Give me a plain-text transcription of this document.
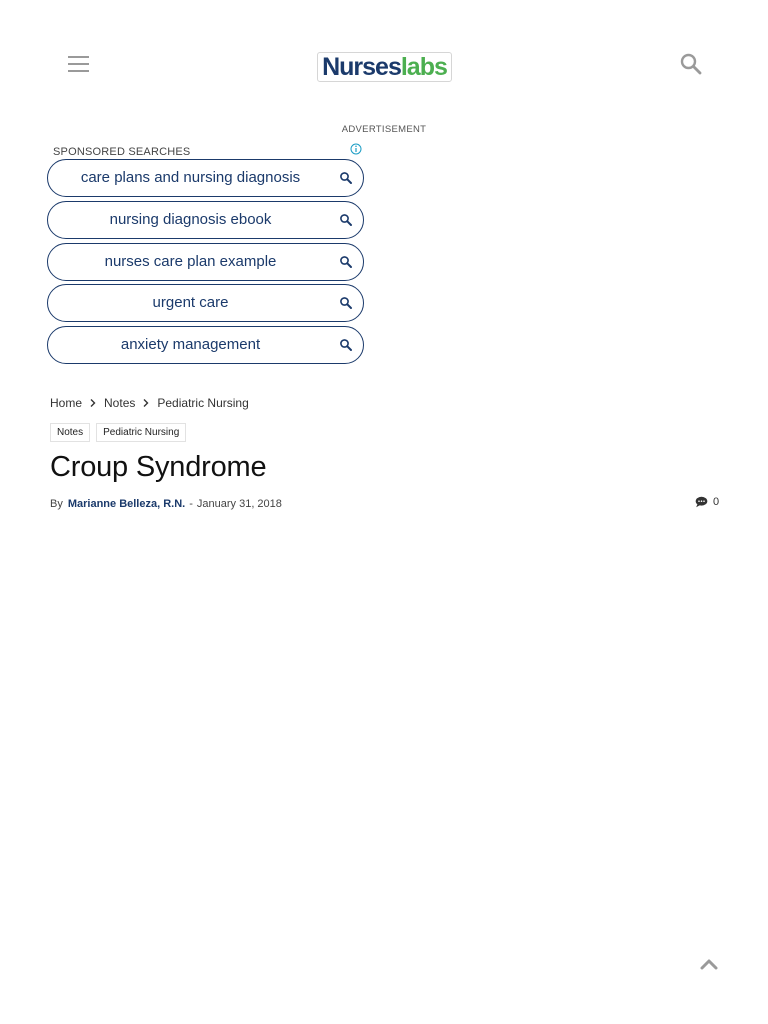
Nurses labs
ADVERTISEMENT
SPONSORED SEARCHES
care plans and nursing diagnosis
nursing diagnosis ebook
nurses care plan example
urgent care
anxiety management
Home Notes Pediatric Nursing
Notes	Pediatric Nursing
Croup Syndrome
By Marianne Belleza, R.N. - January 31, 2018	0
